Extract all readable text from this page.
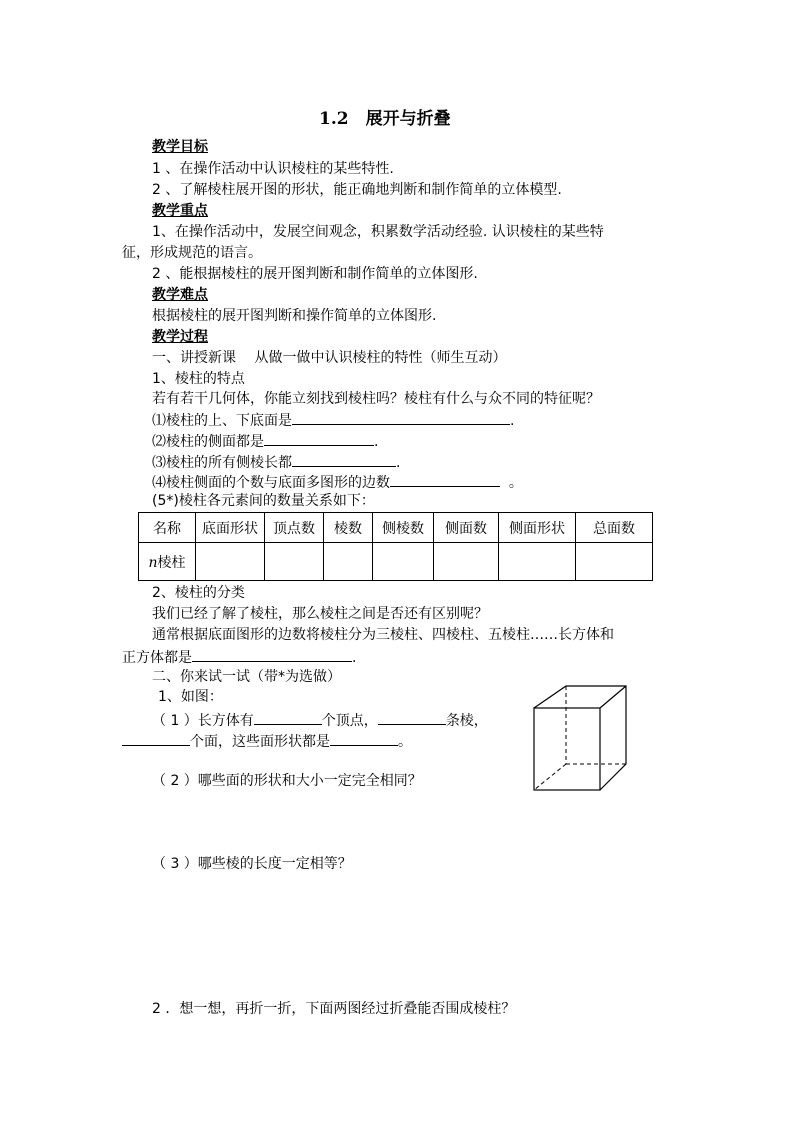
1.2　展开与折叠
教学目标
1 、在操作活动中认识棱柱的某些特性.
2 、了解棱柱展开图的形状，能正确地判断和制作简单的立体模型.
教学重点
1、在操作活动中，发展空间观念，积累数学活动经验. 认识棱柱的某些特
征，形成规范的语言。
2 、能根据棱柱的展开图判断和制作简单的立体图形.
教学难点
根据棱柱的展开图判断和操作简单的立体图形.
教学过程
一、讲授新课　 从做一做中认识棱柱的特性（师生互动）
1、棱柱的特点
若有若干几何体，你能立刻找到棱柱吗？棱柱有什么与众不同的特征呢？
⑴棱柱的上、下底面是	.
⑵棱柱的侧面都是	.
⑶棱柱的所有侧棱长都	.
⑷棱柱侧面的个数与底面多图形的边数	。
(5*)棱柱各元素间的数量关系如下：
名称	底面形状	顶点数	棱数	侧棱数	侧面数	侧面形状	总面数
n棱柱							
2、棱柱的分类
我们已经了解了棱柱，那么棱柱之间是否还有区别呢？
通常根据底面图形的边数将棱柱分为三棱柱、四棱柱、五棱柱……长方体和
正方体都是	.
二、你来试一试（带*为选做）
1、如图：
（ 1 ）长方体有	个顶点，	条棱，
个面，这些面形状都是	。
（ 2 ）哪些面的形状和大小一定完全相同？
（ 3 ）哪些棱的长度一定相等？
2 ．想一想，再折一折，下面两图经过折叠能否围成棱柱？
